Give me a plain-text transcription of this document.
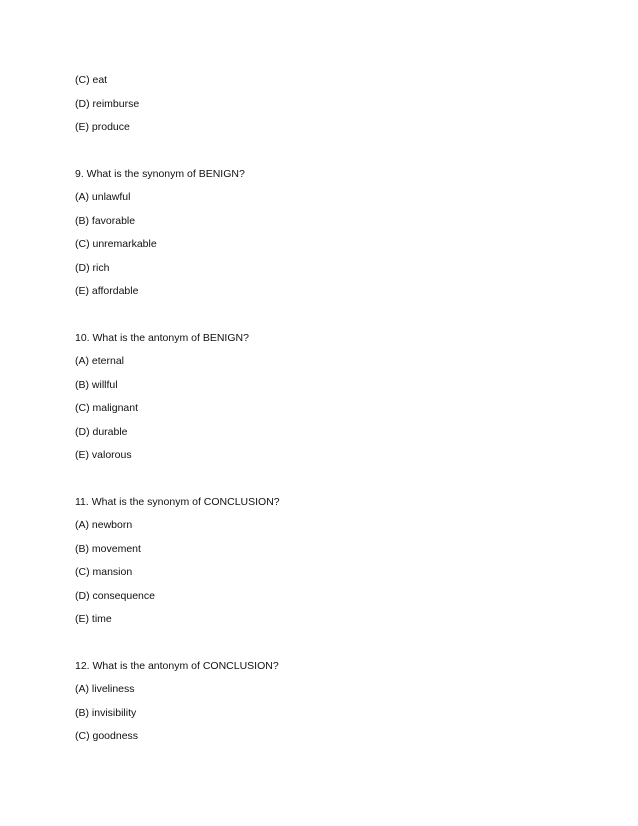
(C) eat
(D) reimburse
(E) produce
9. What is the synonym of BENIGN?
(A) unlawful
(B) favorable
(C) unremarkable
(D) rich
(E) affordable
10. What is the antonym of BENIGN?
(A) eternal
(B) willful
(C) malignant
(D) durable
(E) valorous
11. What is the synonym of CONCLUSION?
(A) newborn
(B) movement
(C) mansion
(D) consequence
(E) time
12. What is the antonym of CONCLUSION?
(A) liveliness
(B) invisibility
(C) goodness
